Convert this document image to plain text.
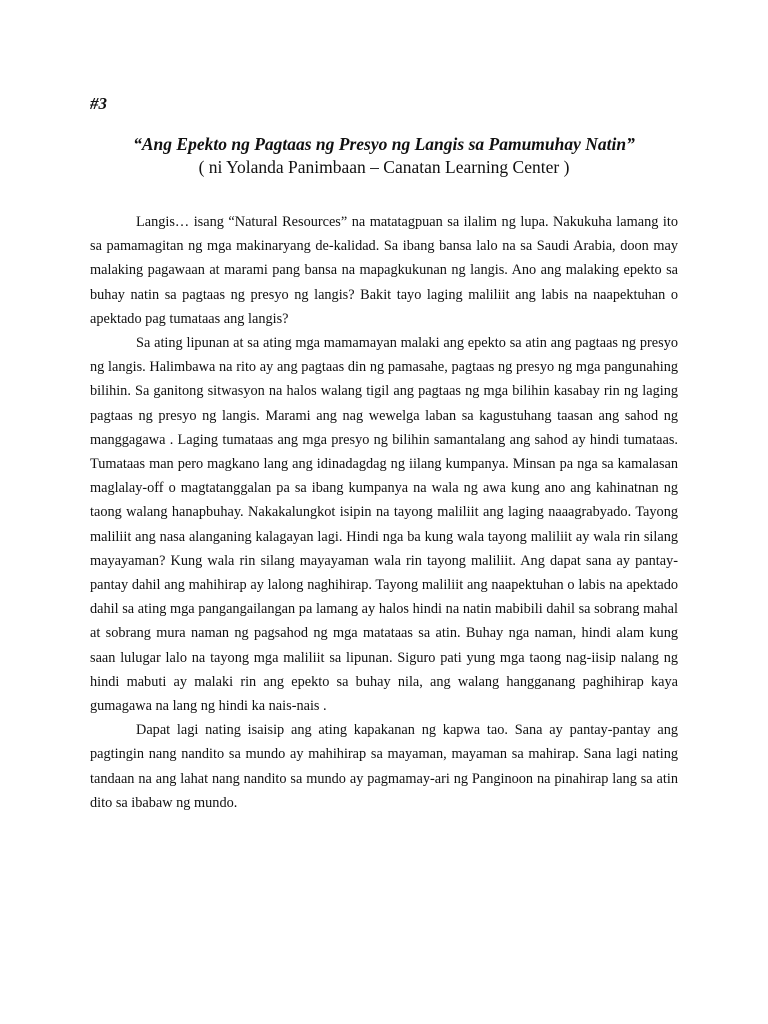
#3
“Ang Epekto ng Pagtaas ng Presyo ng Langis sa Pamumuhay Natin”
( ni Yolanda Panimbaan – Canatan Learning Center )

Langis… isang “Natural Resources” na matatagpuan sa ilalim ng lupa. Nakukuha lamang ito sa pamamagitan ng mga makinaryang de-kalidad. Sa ibang bansa lalo na sa Saudi Arabia, doon may malaking pagawaan at marami pang bansa na mapagkukunan ng langis. Ano ang malaking epekto sa buhay natin sa pagtaas ng presyo ng langis? Bakit tayo laging maliliit ang labis na naapektuhan o apektado pag tumataas ang langis?

Sa ating lipunan at sa ating mga mamamayan malaki ang epekto sa atin ang pagtaas ng presyo ng langis. Halimbawa na rito ay ang pagtaas din ng pamasahe, pagtaas ng presyo ng mga pangunahing bilihin. Sa ganitong sitwasyon na halos walang tigil ang pagtaas ng mga bilihin kasabay rin ng laging pagtaas ng presyo ng langis. Marami ang nag wewelga laban sa kagustuhang taasan ang sahod ng manggagawa . Laging tumataas ang mga presyo ng bilihin samantalang ang sahod ay hindi tumataas. Tumataas man pero magkano lang ang idinadagdag ng iilang kumpanya. Minsan pa nga sa kamalasan maglalay-off o magtatanggalan pa sa ibang kumpanya na wala ng awa kung ano ang kahinatnan ng taong walang hanapbuhay. Nakakalungkot isipin na tayong maliliit ang laging naaagrabyado. Tayong maliliit ang nasa alanganing kalagayan lagi. Hindi nga ba kung wala tayong maliliit ay wala rin silang mayayaman? Kung wala rin silang mayayaman wala rin tayong maliliit. Ang dapat sana ay pantay-pantay dahil ang mahihirap ay lalong naghihirap. Tayong maliliit ang naapektuhan o labis na apektado dahil sa ating mga pangangailangan pa lamang ay halos hindi na natin mabibili dahil sa sobrang mahal at sobrang mura naman ng pagsahod ng mga matataas sa atin. Buhay nga naman, hindi alam kung saan lulugar lalo na tayong mga maliliit sa lipunan. Siguro pati yung mga taong nag-iisip nalang ng hindi mabuti ay malaki rin ang epekto sa buhay nila, ang walang hangganang paghihirap kaya gumagawa na lang ng hindi ka nais-nais .

Dapat lagi nating isaisip ang ating kapakanan ng kapwa tao. Sana ay pantay-pantay ang pagtingin nang nandito sa mundo ay mahihirap sa mayaman, mayaman sa mahirap. Sana lagi nating tandaan na ang lahat nang nandito sa mundo ay pagmamay-ari ng Panginoon na pinahirap lang sa atin dito sa ibabaw ng mundo.
